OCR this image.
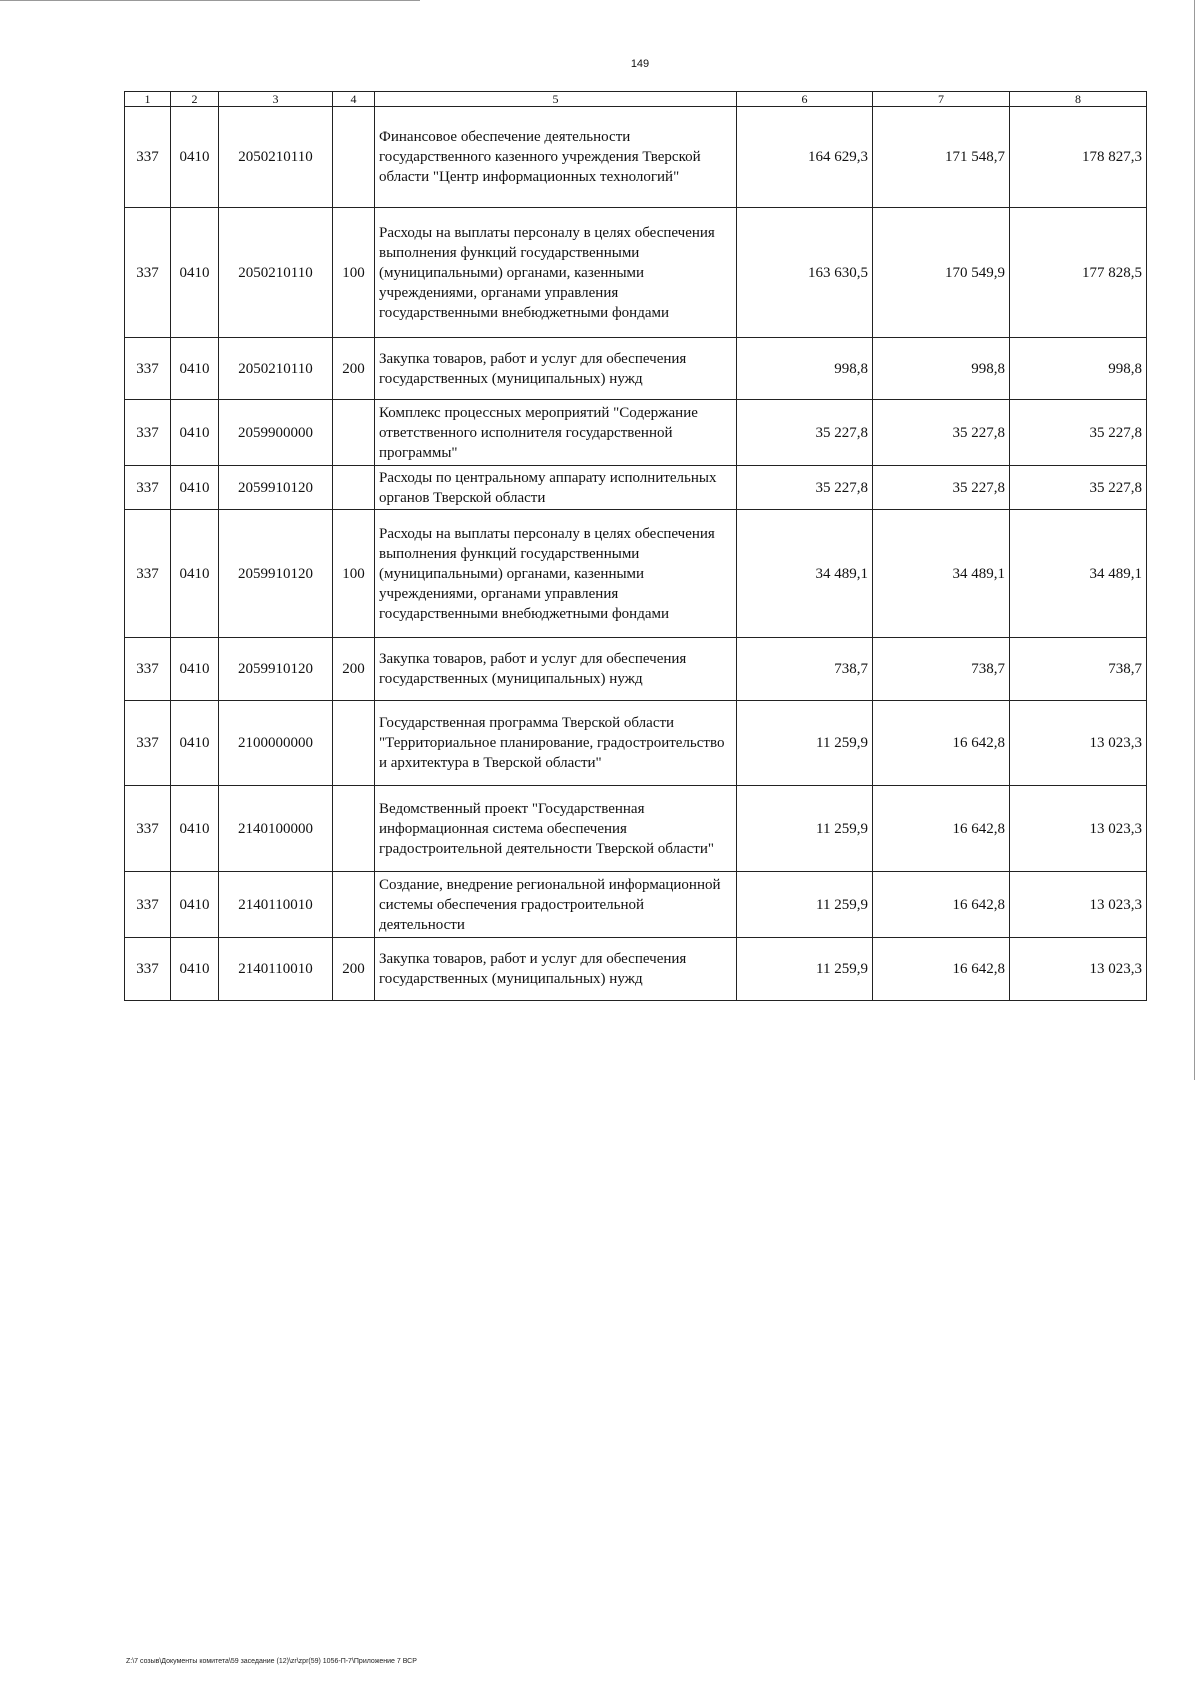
149
1	2	3	4	5	6	7	8
337	0410	2050210110		Финансовое обеспечение деятельности государственного казенного учреждения Тверской области "Центр информационных технологий"	164 629,3	171 548,7	178 827,3
337	0410	2050210110	100	Расходы на выплаты персоналу в целях обеспечения выполнения функций государственными (муниципальными) органами, казенными учреждениями, органами управления государственными внебюджетными фондами	163 630,5	170 549,9	177 828,5
337	0410	2050210110	200	Закупка товаров, работ и услуг для обеспечения государственных (муниципальных) нужд	998,8	998,8	998,8
337	0410	2059900000		Комплекс процессных мероприятий "Содержание ответственного исполнителя государственной программы"	35 227,8	35 227,8	35 227,8
337	0410	2059910120		Расходы по центральному аппарату исполнительных органов Тверской области	35 227,8	35 227,8	35 227,8
337	0410	2059910120	100	Расходы на выплаты персоналу в целях обеспечения выполнения функций государственными (муниципальными) органами, казенными учреждениями, органами управления государственными внебюджетными фондами	34 489,1	34 489,1	34 489,1
337	0410	2059910120	200	Закупка товаров, работ и услуг для обеспечения государственных (муниципальных) нужд	738,7	738,7	738,7
337	0410	2100000000		Государственная программа Тверской области "Территориальное планирование, градостроительство и архитектура в Тверской области"	11 259,9	16 642,8	13 023,3
337	0410	2140100000		Ведомственный проект "Государственная информационная система обеспечения градостроительной деятельности Тверской области"	11 259,9	16 642,8	13 023,3
337	0410	2140110010		Создание, внедрение региональной информационной системы обеспечения градостроительной деятельности	11 259,9	16 642,8	13 023,3
337	0410	2140110010	200	Закупка товаров, работ и услуг для обеспечения государственных (муниципальных) нужд	11 259,9	16 642,8	13 023,3
Z:\7 созыв\Документы комитета\59 заседание (12)\zr\zpr(59) 1056-П-7\Приложение 7 ВСР
